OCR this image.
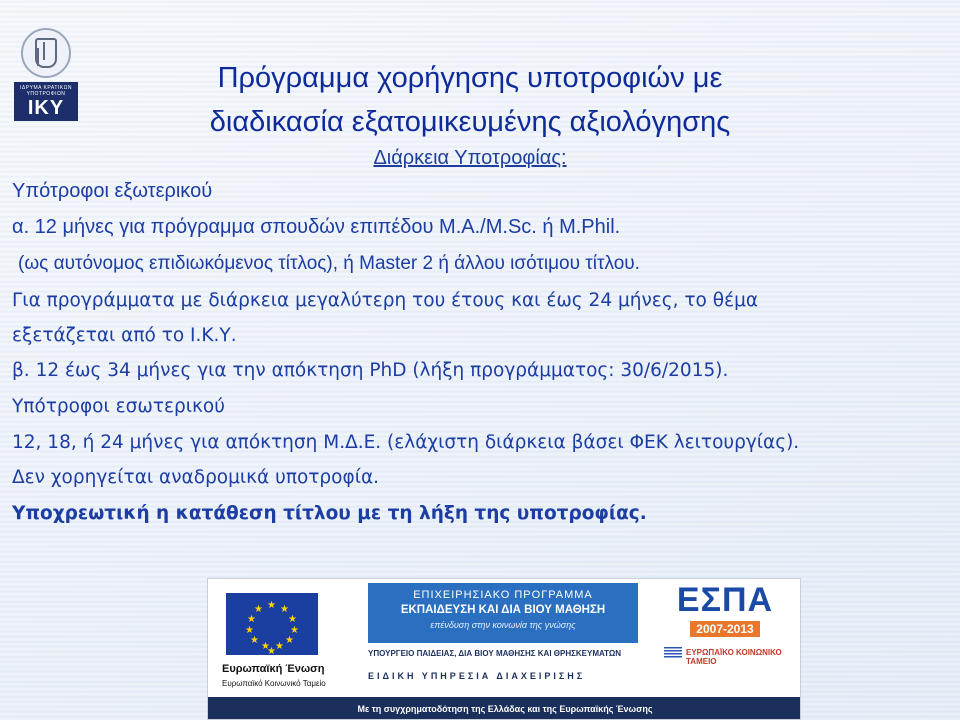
ΙΔΡΥΜΑ ΚΡΑΤΙΚΩΝ ΥΠΟΤΡΟΦΙΩΝ
ΙΚΥ
Πρόγραμμα χορήγησης υποτροφιών με
διαδικασία εξατομικευμένης αξιολόγησης
Διάρκεια Υποτροφίας:
Υπότροφοι εξωτερικού
α. 12 μήνες για πρόγραμμα σπουδών επιπέδου M.A./M.Sc. ή M.Phil.
(ως αυτόνομος επιδιωκόμενος τίτλος), ή Master 2 ή άλλου ισότιμου τίτλου.
Για προγράμματα με διάρκεια μεγαλύτερη του έτους και έως 24 μήνες, το θέμα
εξετάζεται από το Ι.Κ.Υ.
β. 12 έως 34 μήνες για την απόκτηση PhD (λήξη προγράμματος: 30/6/2015).
Υπότροφοι εσωτερικού
12, 18, ή 24 μήνες για απόκτηση Μ.Δ.Ε. (ελάχιστη διάρκεια βάσει ΦΕΚ λειτουργίας).
Δεν χορηγείται αναδρομικά υποτροφία.
Υποχρεωτική η κατάθεση τίτλου με τη λήξη της υποτροφίας.
★ ★
★
★
★
★
★
★
★
★
★
★
Ευρωπαϊκή Ένωση
Ευρωπαϊκό Κοινωνικό Ταμείο
ΕΠΙΧΕΙΡΗΣΙΑΚΟ ΠΡΟΓΡΑΜΜΑ
ΕΚΠΑΙΔΕΥΣΗ ΚΑΙ ΔΙΑ ΒΙΟΥ ΜΑΘΗΣΗ
επένδυση στην κοινωνία της γνώσης
ΕΣΠΑ
2007-2013
ΥΠΟΥΡΓΕΙΟ ΠΑΙΔΕΙΑΣ, ΔΙΑ ΒΙΟΥ ΜΑΘΗΣΗΣ ΚΑΙ ΘΡΗΣΚΕΥΜΑΤΩΝ	ΕΥΡΩΠΑΪΚΟ ΚΟΙΝΩΝΙΚΟ ΤΑΜΕΙΟ
ΕΙΔΙΚΗ ΥΠΗΡΕΣΙΑ ΔΙΑΧΕΙΡΙΣΗΣ
Με τη συγχρηματοδότηση της Ελλάδας και της Ευρωπαϊκής Ένωσης
